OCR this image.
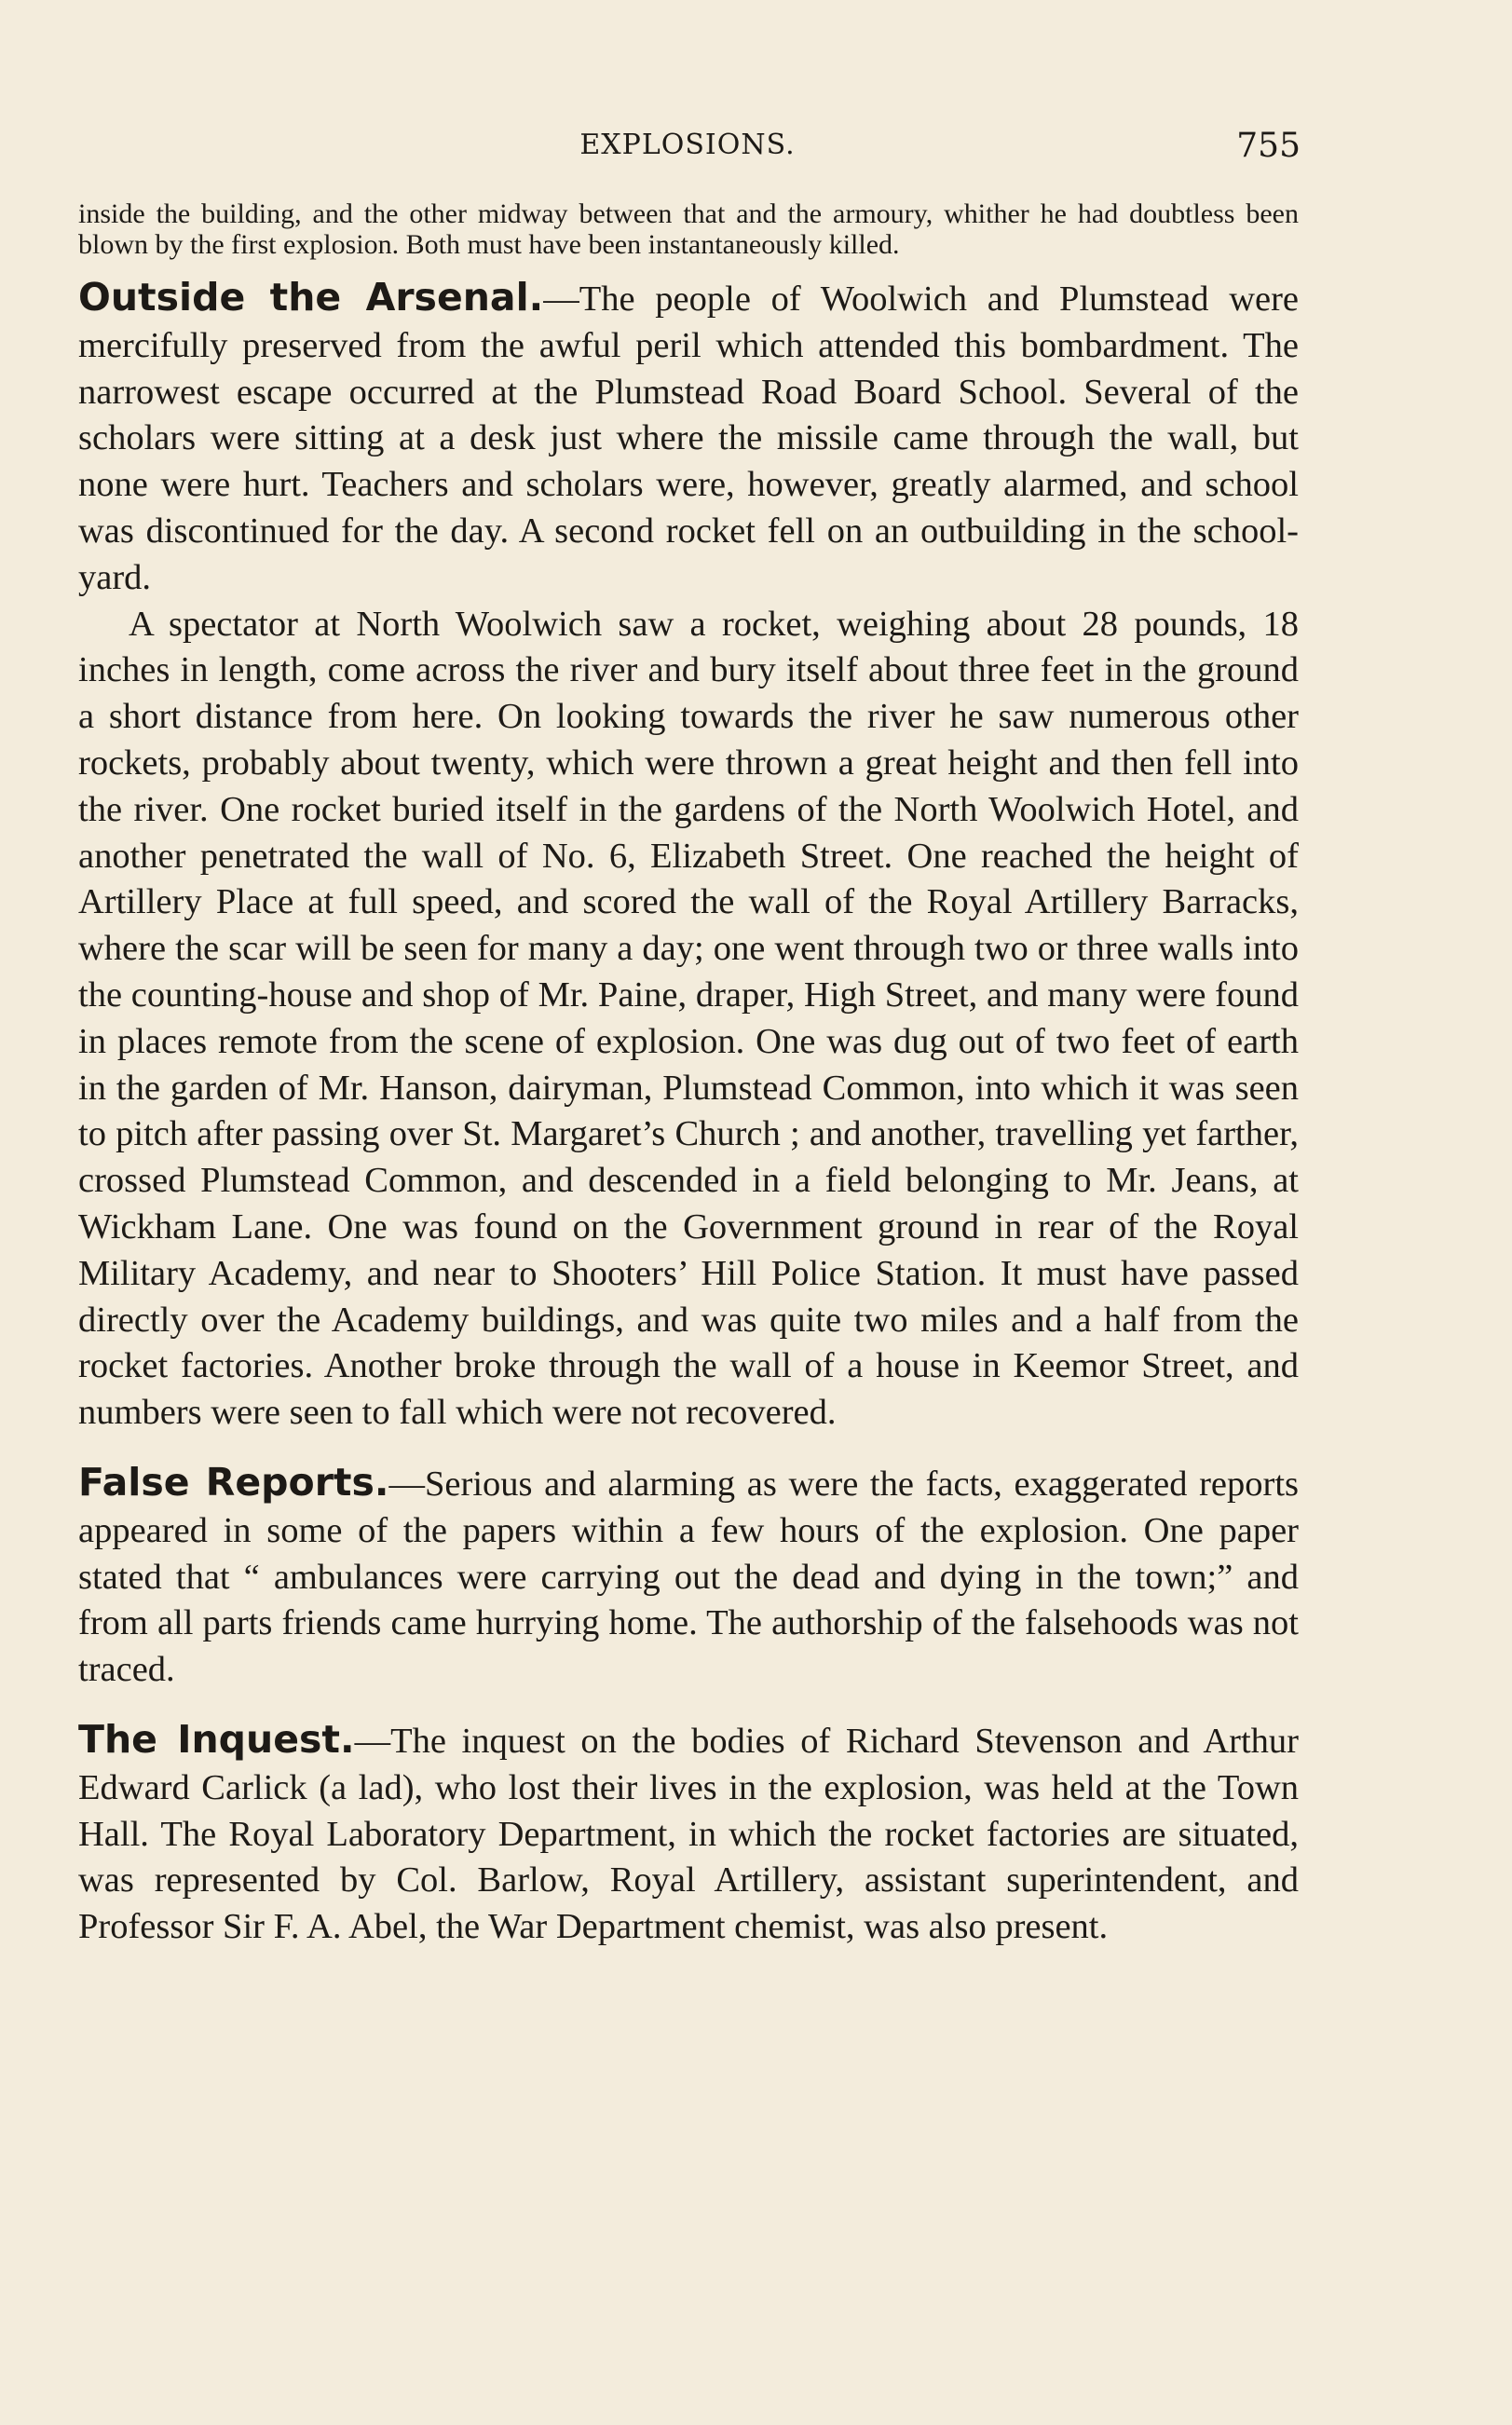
EXPLOSIONS.	755

inside the building, and the other midway between that and the armoury, whither he had doubtless been blown by the first explosion. Both must have been instantaneously killed.

Outside the Arsenal.—The people of Woolwich and Plumstead were mercifully preserved from the awful peril which attended this bombardment. The narrowest escape occurred at the Plumstead Road Board School. Several of the scholars were sitting at a desk just where the missile came through the wall, but none were hurt. Teachers and scholars were, however, greatly alarmed, and school was discontinued for the day. A second rocket fell on an outbuilding in the school-yard.

A spectator at North Woolwich saw a rocket, weighing about 28 pounds, 18 inches in length, come across the river and bury itself about three feet in the ground a short distance from here. On looking towards the river he saw numerous other rockets, probably about twenty, which were thrown a great height and then fell into the river. One rocket buried itself in the gardens of the North Woolwich Hotel, and another penetrated the wall of No. 6, Elizabeth Street. One reached the height of Artillery Place at full speed, and scored the wall of the Royal Artillery Barracks, where the scar will be seen for many a day; one went through two or three walls into the counting-house and shop of Mr. Paine, draper, High Street, and many were found in places remote from the scene of explosion. One was dug out of two feet of earth in the garden of Mr. Hanson, dairyman, Plumstead Common, into which it was seen to pitch after passing over St. Margaret’s Church ; and another, travelling yet farther, crossed Plumstead Common, and descended in a field belonging to Mr. Jeans, at Wickham Lane. One was found on the Government ground in rear of the Royal Military Academy, and near to Shooters’ Hill Police Station. It must have passed directly over the Academy buildings, and was quite two miles and a half from the rocket factories. Another broke through the wall of a house in Keemor Street, and numbers were seen to fall which were not recovered.

False Reports.—Serious and alarming as were the facts, exaggerated reports appeared in some of the papers within a few hours of the explosion. One paper stated that “ ambulances were carrying out the dead and dying in the town;” and from all parts friends came hurrying home. The authorship of the falsehoods was not traced.

The Inquest.—The inquest on the bodies of Richard Stevenson and Arthur Edward Carlick (a lad), who lost their lives in the explosion, was held at the Town Hall. The Royal Laboratory Department, in which the rocket factories are situated, was represented by Col. Barlow, Royal Artillery, assistant superintendent, and Professor Sir F. A. Abel, the War Department chemist, was also present.
